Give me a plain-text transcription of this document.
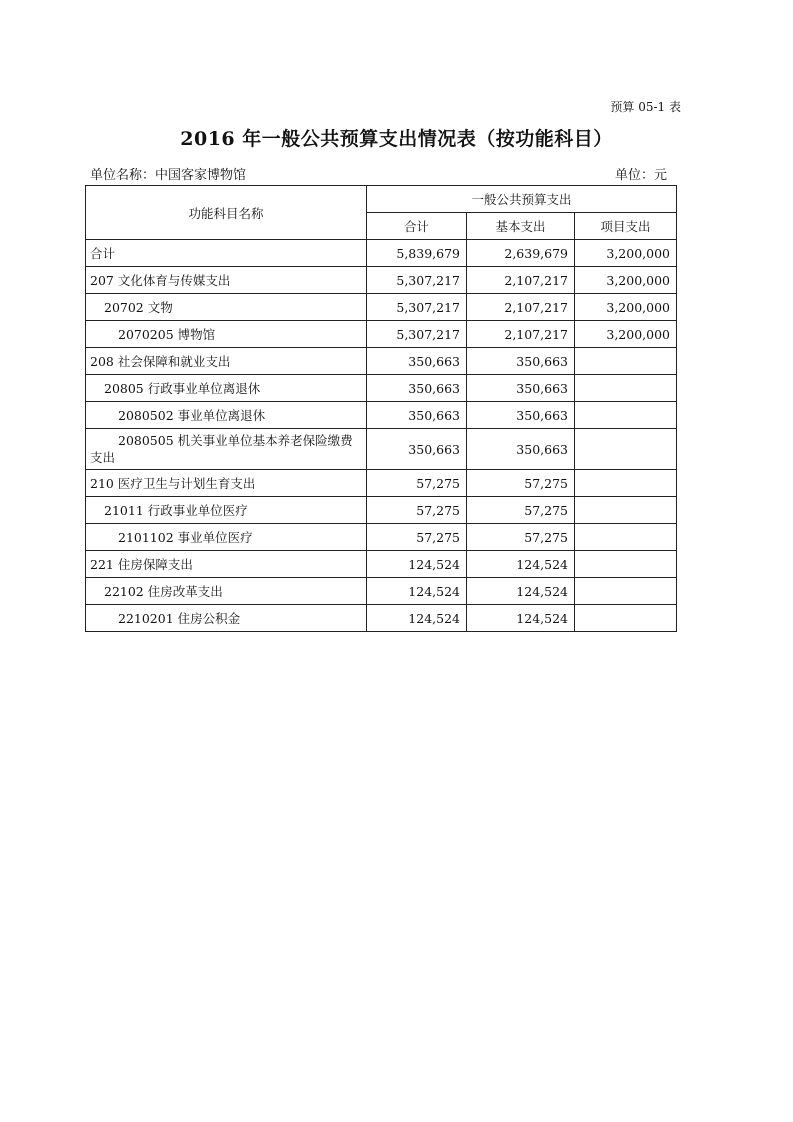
预算 05-1 表
2016 年一般公共预算支出情况表（按功能科目）
单位名称：中国客家博物馆	单位：元
功能科目名称	一般公共预算支出		
	合计	基本支出	项目支出
合计	5,839,679	2,639,679	3,200,000
207 文化体育与传媒支出	5,307,217	2,107,217	3,200,000
20702 文物	5,307,217	2,107,217	3,200,000
2070205 博物馆	5,307,217	2,107,217	3,200,000
208 社会保障和就业支出	350,663	350,663	
20805 行政事业单位离退休	350,663	350,663	
2080502 事业单位离退休	350,663	350,663	
2080505 机关事业单位基本养老保险缴费支出	350,663	350,663	
210 医疗卫生与计划生育支出	57,275	57,275	
21011 行政事业单位医疗	57,275	57,275	
2101102 事业单位医疗	57,275	57,275	
221 住房保障支出	124,524	124,524	
22102 住房改革支出	124,524	124,524	
2210201 住房公积金	124,524	124,524	
